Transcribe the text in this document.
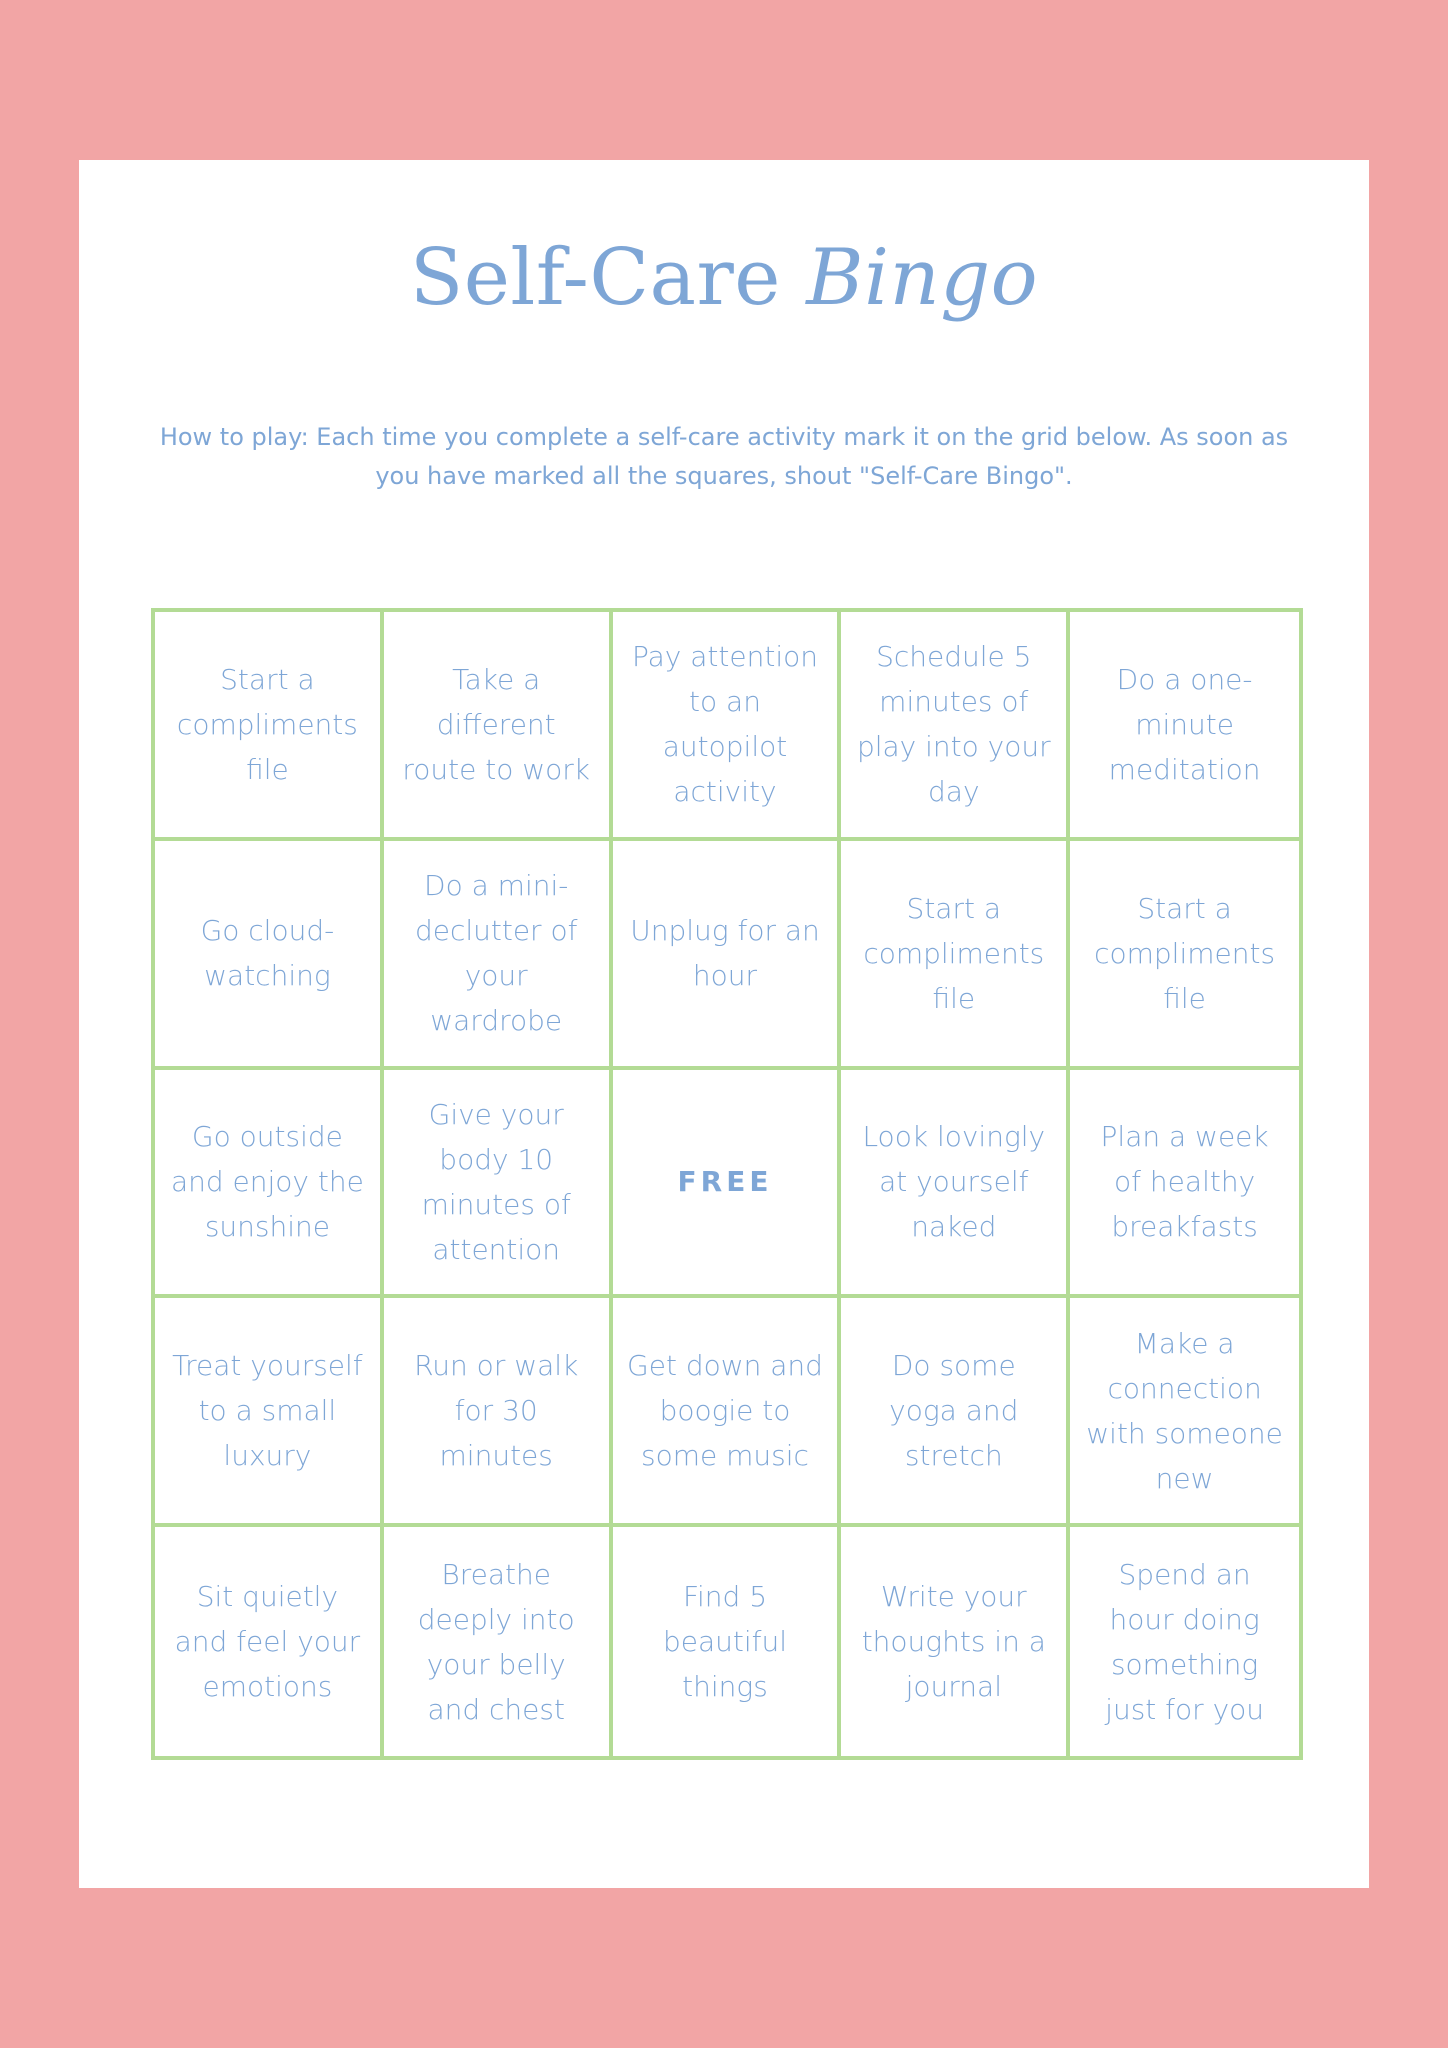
Self-Care Bingo
How to play: Each time you complete a self-care activity mark it on the grid below. As soon as you have marked all the squares, shout "Self-Care Bingo".
Start a compliments file
Take a different route to work
Pay attention to an autopilot activity
Schedule 5 minutes of play into your day
Do a one-minute meditation
Go cloud-watching
Do a mini-declutter of your wardrobe
Unplug for an hour
Start a compliments file
Start a compliments file
Go outside and enjoy the sunshine
Give your body 10 minutes of attention
FREE
Look lovingly at yourself naked
Plan a week of healthy breakfasts
Treat yourself to a small luxury
Run or walk for 30 minutes
Get down and boogie to some music
Do some yoga and stretch
Make a connection with someone new
Sit quietly and feel your emotions
Breathe deeply into your belly and chest
Find 5 beautiful things
Write your thoughts in a journal
Spend an hour doing something just for you
